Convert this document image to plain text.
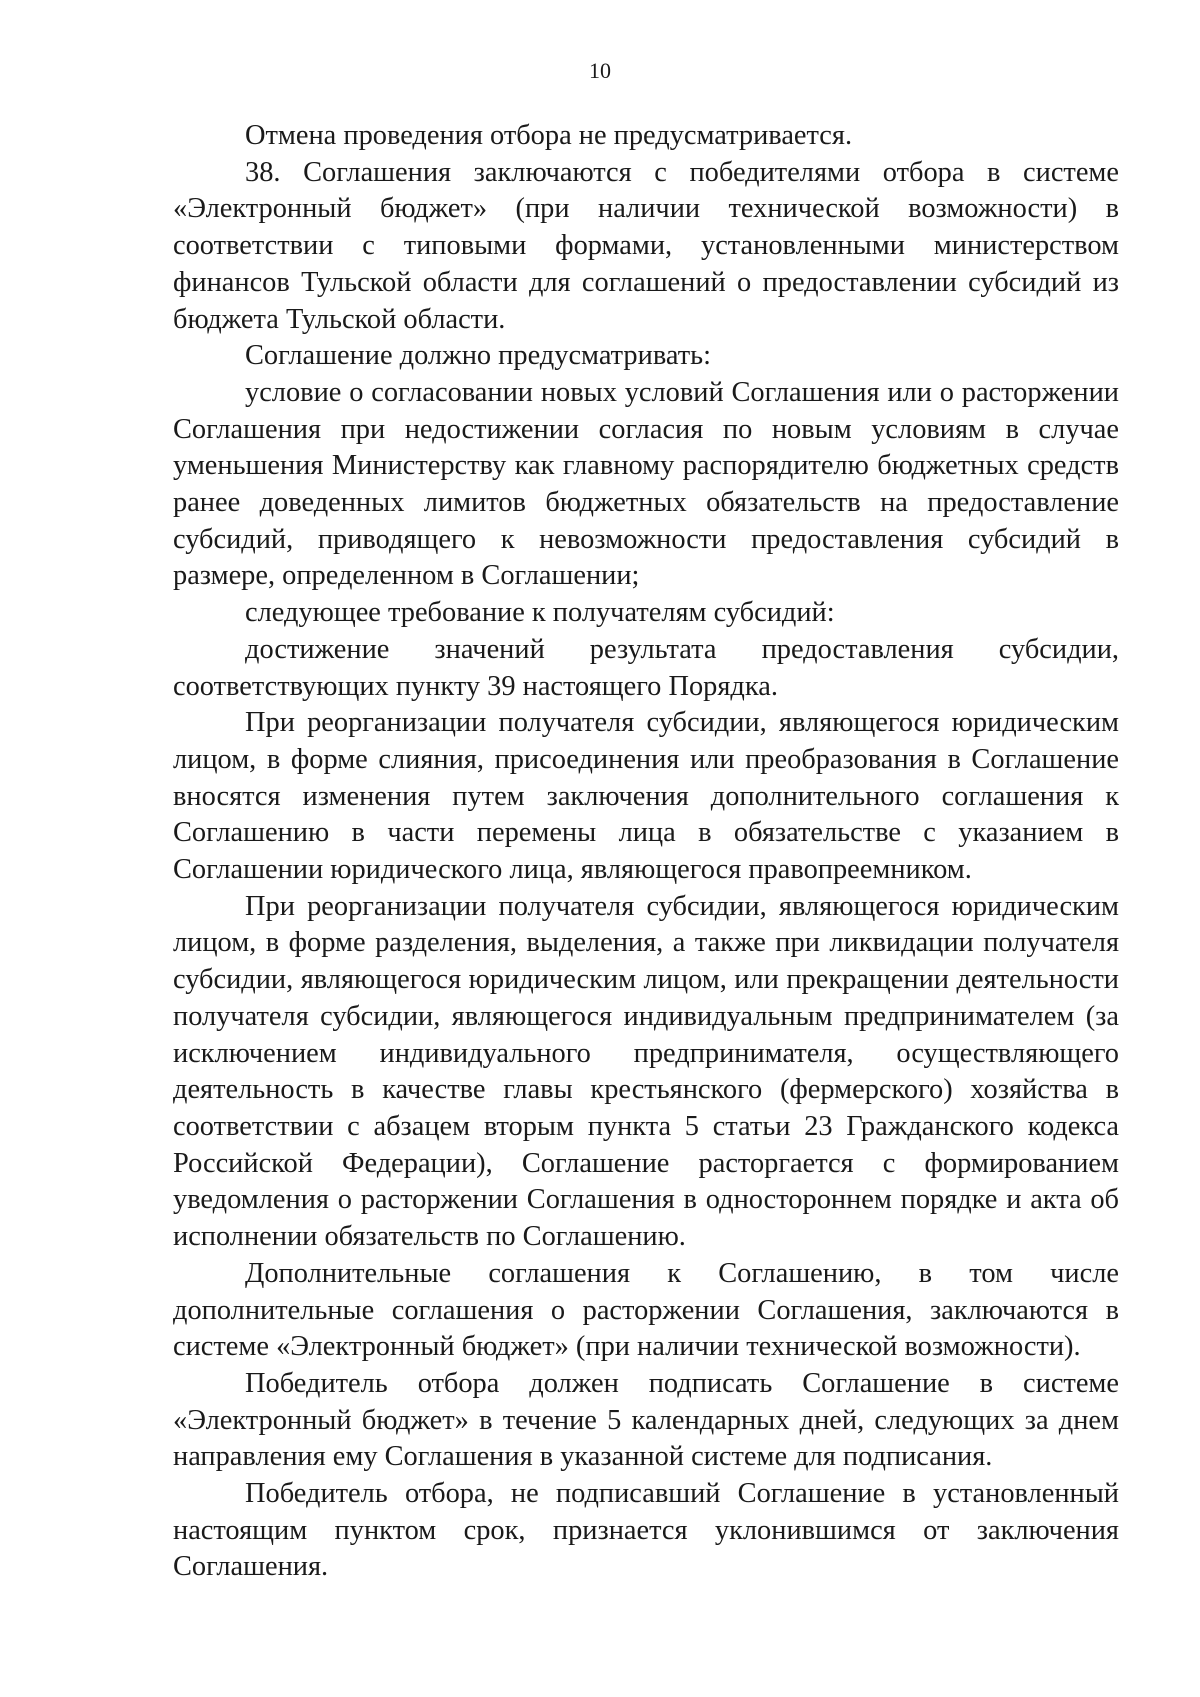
10

Отмена проведения отбора не предусматривается.

38. Соглашения заключаются с победителями отбора в системе «Электронный бюджет» (при наличии технической возможности) в соответствии с типовыми формами, установленными министерством финансов Тульской области для соглашений о предоставлении субсидий из бюджета Тульской области.

Соглашение должно предусматривать:

условие о согласовании новых условий Соглашения или о расторжении Соглашения при недостижении согласия по новым условиям в случае уменьшения Министерству как главному распорядителю бюджетных средств ранее доведенных лимитов бюджетных обязательств на предоставление субсидий, приводящего к невозможности предоставления субсидий в размере, определенном в Соглашении;

следующее требование к получателям субсидий:

достижение значений результата предоставления субсидии, соответствующих пункту 39 настоящего Порядка.

При реорганизации получателя субсидии, являющегося юридическим лицом, в форме слияния, присоединения или преобразования в Соглашение вносятся изменения путем заключения дополнительного соглашения к Соглашению в части перемены лица в обязательстве с указанием в Соглашении юридического лица, являющегося правопреемником.

При реорганизации получателя субсидии, являющегося юридическим лицом, в форме разделения, выделения, а также при ликвидации получателя субсидии, являющегося юридическим лицом, или прекращении деятельности получателя субсидии, являющегося индивидуальным предпринимателем (за исключением индивидуального предпринимателя, осуществляющего деятельность в качестве главы крестьянского (фермерского) хозяйства в соответствии с абзацем вторым пункта 5 статьи 23 Гражданского кодекса Российской Федерации), Соглашение расторгается с формированием уведомления о расторжении Соглашения в одностороннем порядке и акта об исполнении обязательств по Соглашению.

Дополнительные соглашения к Соглашению, в том числе дополнительные соглашения о расторжении Соглашения, заключаются в системе «Электронный бюджет» (при наличии технической возможности).

Победитель отбора должен подписать Соглашение в системе «Электронный бюджет» в течение 5 календарных дней, следующих за днем направления ему Соглашения в указанной системе для подписания.

Победитель отбора, не подписавший Соглашение в установленный настоящим пунктом срок, признается уклонившимся от заключения Соглашения.
